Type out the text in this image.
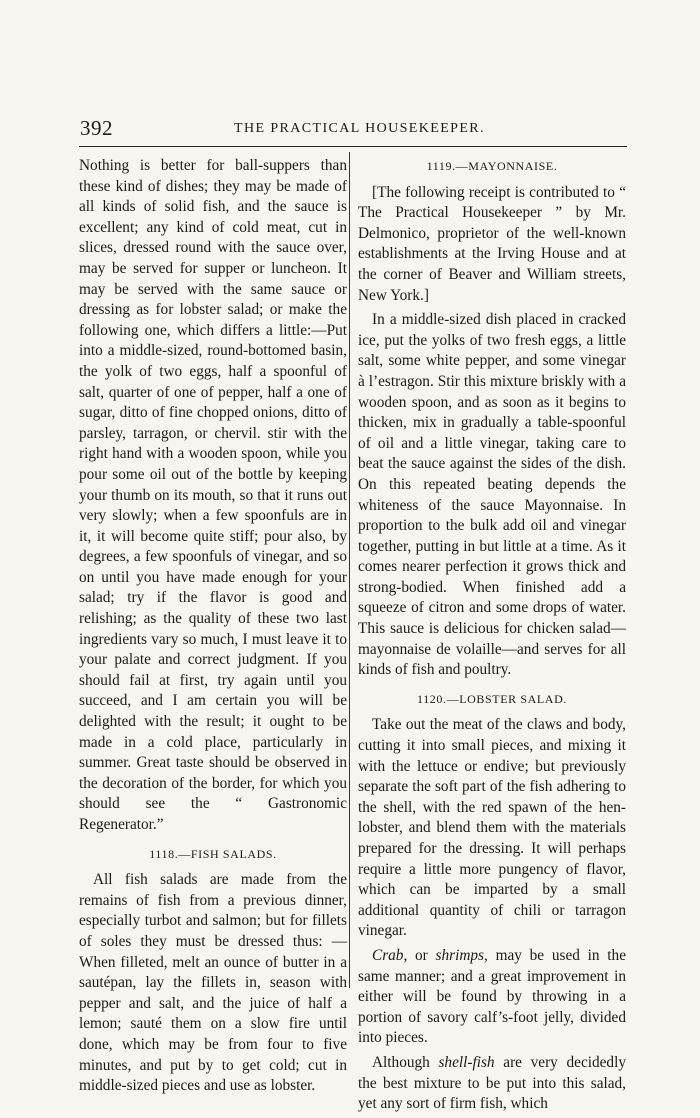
392	THE PRACTICAL HOUSEKEEPER.

Nothing is better for ball-suppers than these kind of dishes; they may be made of all kinds of solid fish, and the sauce is excellent; any kind of cold meat, cut in slices, dressed round with the sauce over, may be served for supper or luncheon. It may be served with the same sauce or dressing as for lobster salad; or make the following one, which differs a little:—Put into a middle-sized, round-bottomed basin, the yolk of two eggs, half a spoonful of salt, quarter of one of pepper, half a one of sugar, ditto of fine chopped onions, ditto of parsley, tarragon, or chervil. stir with the right hand with a wooden spoon, while you pour some oil out of the bottle by keeping your thumb on its mouth, so that it runs out very slowly; when a few spoonfuls are in it, it will become quite stiff; pour also, by degrees, a few spoonfuls of vinegar, and so on until you have made enough for your salad; try if the flavor is good and relishing; as the quality of these two last ingredients vary so much, I must leave it to your palate and correct judgment. If you should fail at first, try again until you succeed, and I am certain you will be delighted with the result; it ought to be made in a cold place, particularly in summer. Great taste should be observed in the decoration of the border, for which you should see the “ Gastronomic Regenerator.”

1118.—FISH SALADS.

All fish salads are made from the remains of fish from a previous dinner, especially turbot and salmon; but for fillets of soles they must be dressed thus: —When filleted, melt an ounce of butter in a sautépan, lay the fillets in, season with pepper and salt, and the juice of half a lemon; sauté them on a slow fire until done, which may be from four to five minutes, and put by to get cold; cut in middle-sized pieces and use as lobster.

1119.—MAYONNAISE.

[The following receipt is contributed to “ The Practical Housekeeper ” by Mr. Delmonico, proprietor of the well-known establishments at the Irving House and at the corner of Beaver and William streets, New York.]

In a middle-sized dish placed in cracked ice, put the yolks of two fresh eggs, a little salt, some white pepper, and some vinegar à l’estragon. Stir this mixture briskly with a wooden spoon, and as soon as it begins to thicken, mix in gradually a table-spoonful of oil and a little vinegar, taking care to beat the sauce against the sides of the dish. On this repeated beating depends the whiteness of the sauce Mayonnaise. In proportion to the bulk add oil and vinegar together, putting in but little at a time. As it comes nearer perfection it grows thick and strong-bodied. When finished add a squeeze of citron and some drops of water. This sauce is delicious for chicken salad—mayonnaise de volaille—and serves for all kinds of fish and poultry.

1120.—LOBSTER SALAD.

Take out the meat of the claws and body, cutting it into small pieces, and mixing it with the lettuce or endive; but previously separate the soft part of the fish adhering to the shell, with the red spawn of the hen-lobster, and blend them with the materials prepared for the dressing. It will perhaps require a little more pungency of flavor, which can be imparted by a small additional quantity of chili or tarragon vinegar.

Crab, or shrimps, may be used in the same manner; and a great improvement in either will be found by throwing in a portion of savory calf’s-foot jelly, divided into pieces.

Although shell-fish are very decidedly the best mixture to be put into this salad, yet any sort of firm fish, which
